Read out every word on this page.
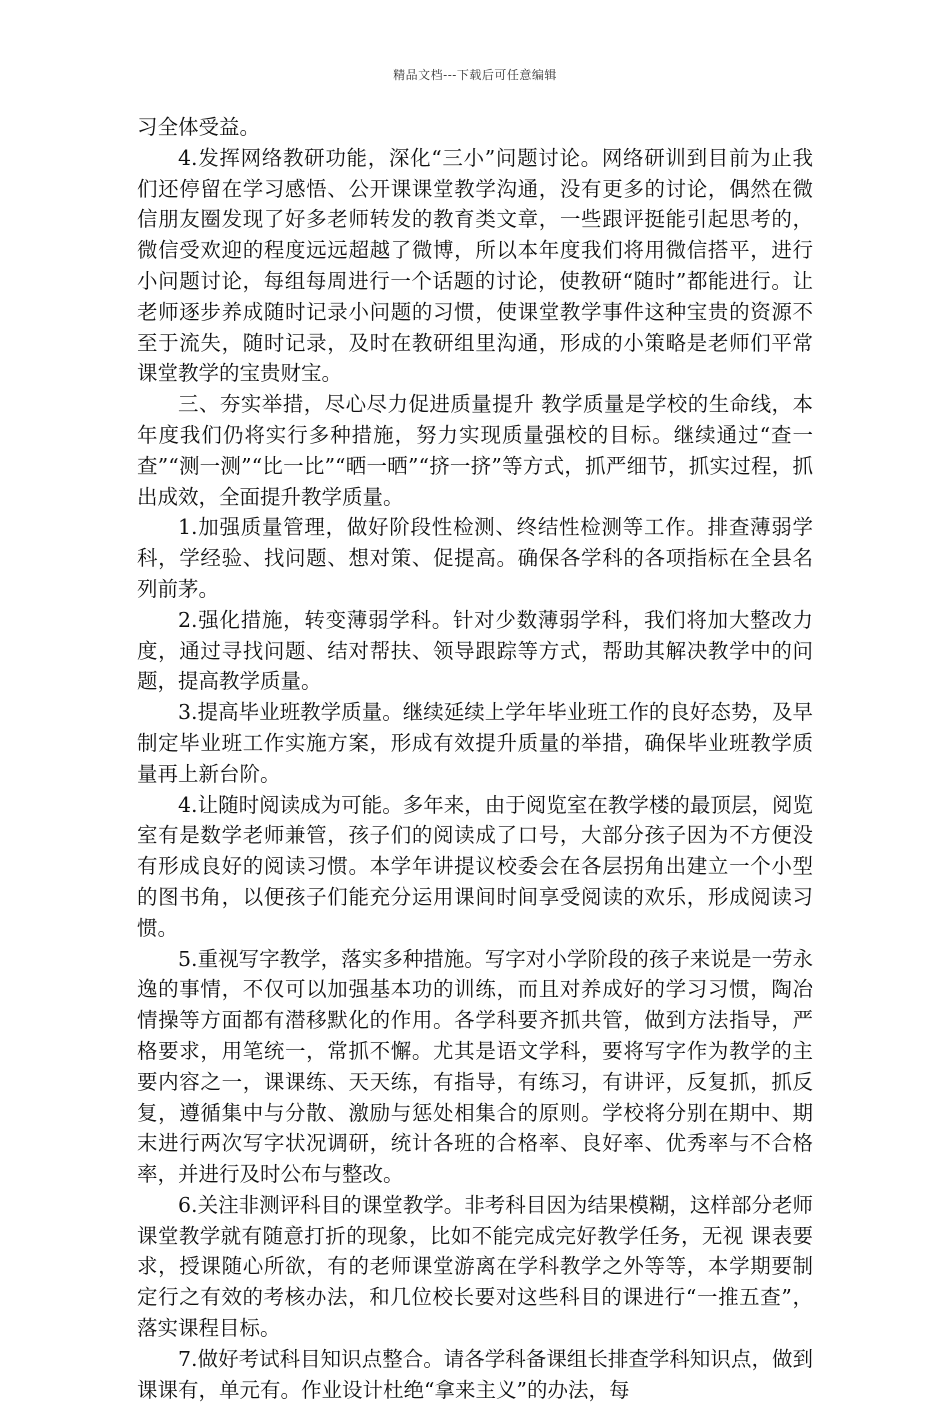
精品文档---下载后可任意编辑

习全体受益。

4.发挥网络教研功能，深化“三小”问题讨论。网络研训到目前为止我们还停留在学习感悟、公开课课堂教学沟通，没有更多的讨论，偶然在微信朋友圈发现了好多老师转发的教育类文章，一些跟评挺能引起思考的，微信受欢迎的程度远远超越了微博，所以本年度我们将用微信搭平，进行小问题讨论，每组每周进行一个话题的讨论，使教研“随时”都能进行。让老师逐步养成随时记录小问题的习惯，使课堂教学事件这种宝贵的资源不至于流失，随时记录，及时在教研组里沟通，形成的小策略是老师们平常课堂教学的宝贵财宝。

三、夯实举措，尽心尽力促进质量提升 教学质量是学校的生命线，本年度我们仍将实行多种措施，努力实现质量强校的目标。继续通过“查一查”“测一测”“比一比”“晒一晒”“挤一挤”等方式，抓严细节，抓实过程，抓出成效，全面提升教学质量。

1.加强质量管理，做好阶段性检测、终结性检测等工作。排查薄弱学科，学经验、找问题、想对策、促提高。确保各学科的各项指标在全县名列前茅。

2.强化措施，转变薄弱学科。针对少数薄弱学科，我们将加大整改力度，通过寻找问题、结对帮扶、领导跟踪等方式，帮助其解决教学中的问题，提高教学质量。

3.提高毕业班教学质量。继续延续上学年毕业班工作的良好态势，及早制定毕业班工作实施方案，形成有效提升质量的举措，确保毕业班教学质量再上新台阶。

4.让随时阅读成为可能。多年来，由于阅览室在教学楼的最顶层，阅览室有是数学老师兼管，孩子们的阅读成了口号，大部分孩子因为不方便没有形成良好的阅读习惯。本学年讲提议校委会在各层拐角出建立一个小型的图书角，以便孩子们能充分运用课间时间享受阅读的欢乐，形成阅读习惯。

5.重视写字教学，落实多种措施。写字对小学阶段的孩子来说是一劳永逸的事情，不仅可以加强基本功的训练，而且对养成好的学习习惯，陶冶情操等方面都有潜移默化的作用。各学科要齐抓共管，做到方法指导，严格要求，用笔统一，常抓不懈。尤其是语文学科，要将写字作为教学的主要内容之一，课课练、天天练，有指导，有练习，有讲评，反复抓，抓反复，遵循集中与分散、激励与惩处相集合的原则。学校将分别在期中、期末进行两次写字状况调研，统计各班的合格率、良好率、优秀率与不合格率，并进行及时公布与整改。

6.关注非测评科目的课堂教学。非考科目因为结果模糊，这样部分老师课堂教学就有随意打折的现象，比如不能完成完好教学任务，无视 课表要求，授课随心所欲，有的老师课堂游离在学科教学之外等等，本学期要制定行之有效的考核办法，和几位校长要对这些科目的课进行“一推五查”，落实课程目标。

7.做好考试科目知识点整合。请各学科备课组长排查学科知识点，做到课课有，单元有。作业设计杜绝“拿来主义”的办法，每
